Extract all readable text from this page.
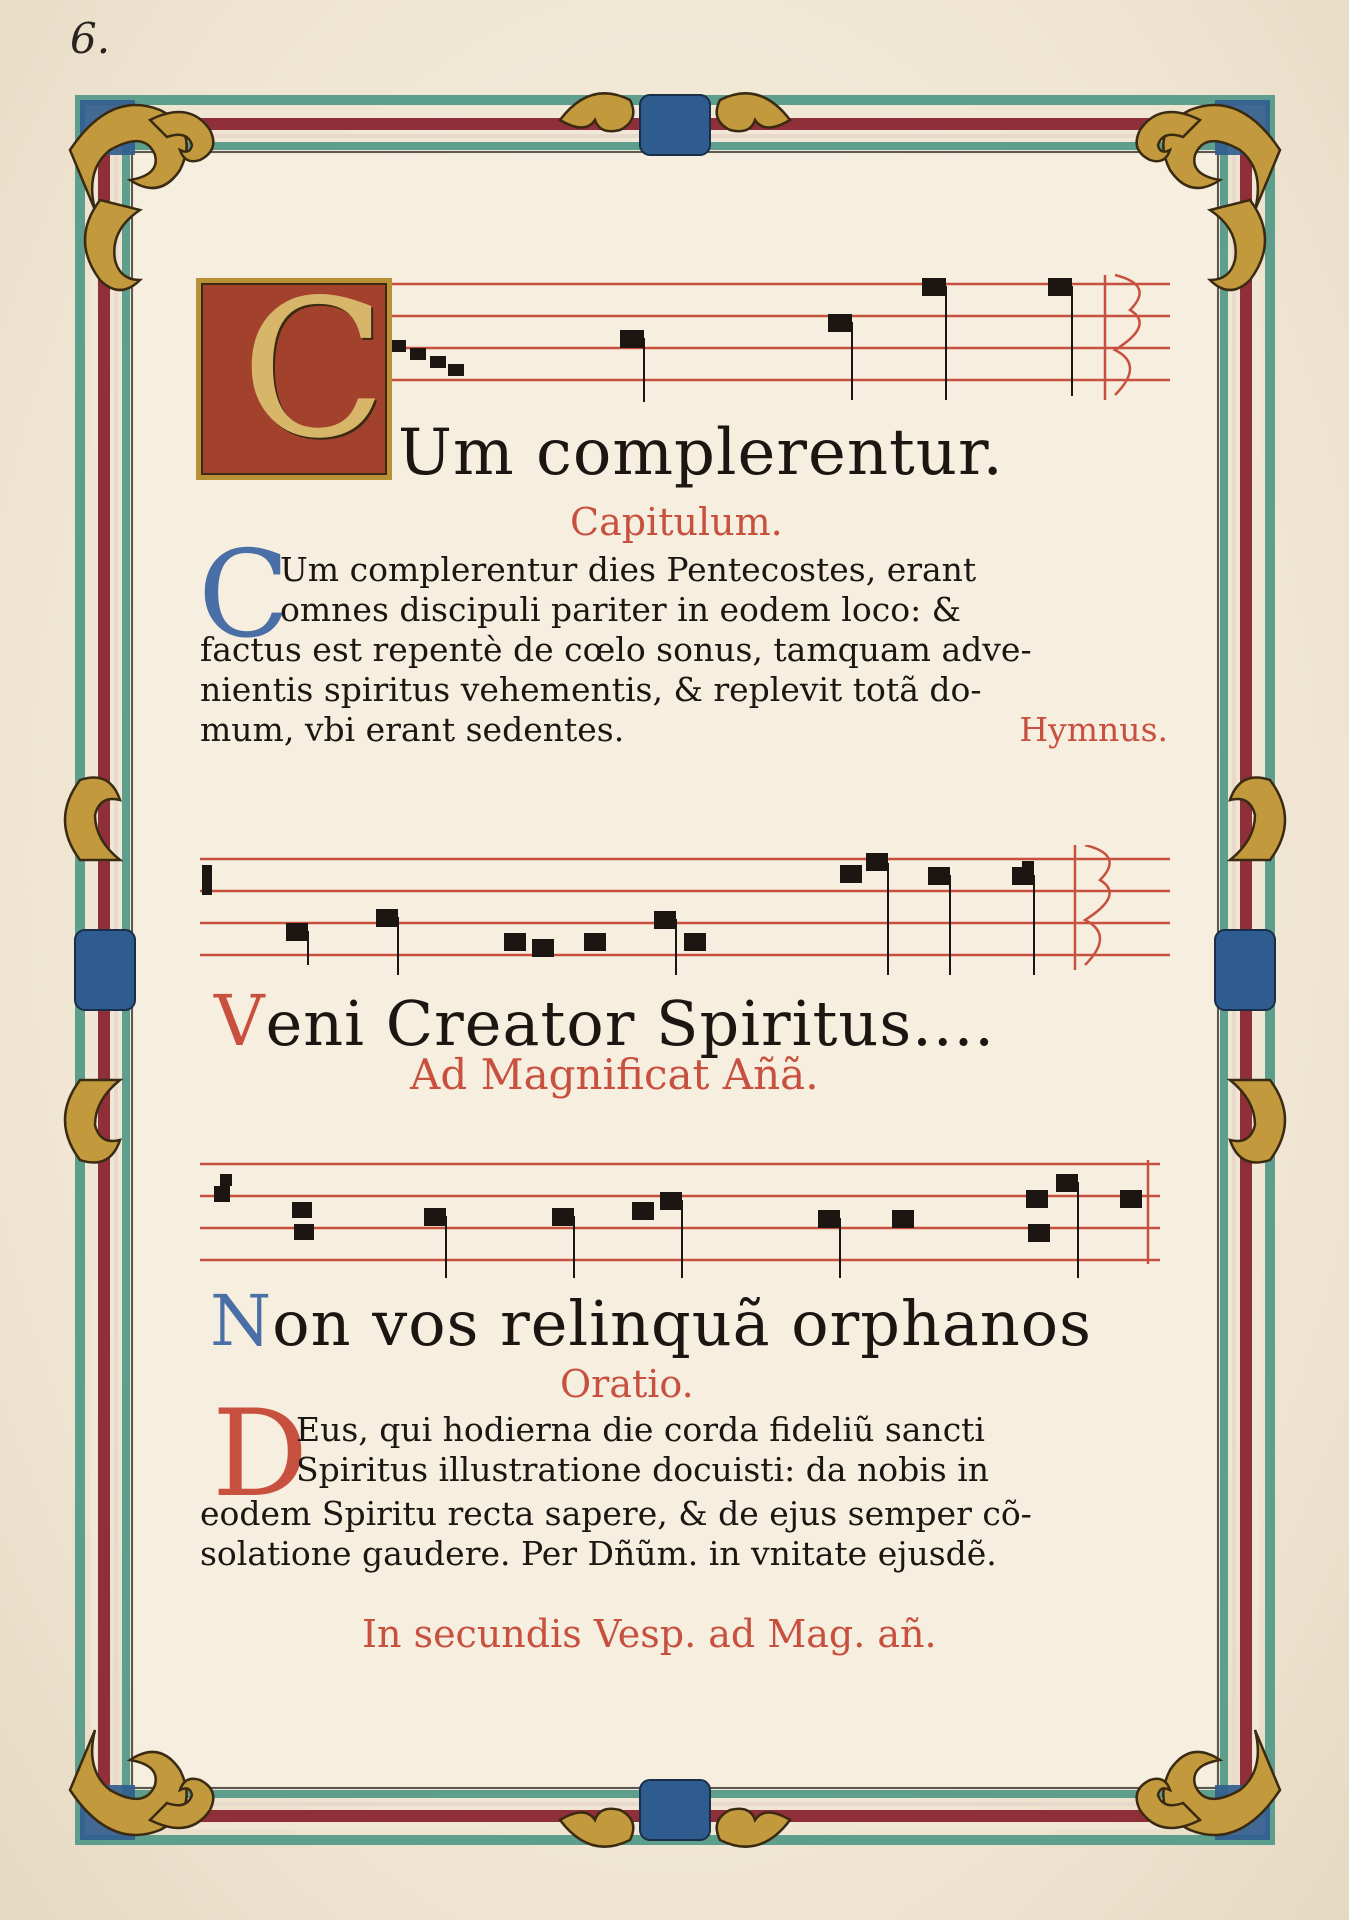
6.
C Um complerentur.
Capitulum.
C
Um complerentur dies Pentecostes, erant
omnes discipuli pariter in eodem loco: &
factus est repentè de cœlo sonus, tamquam adve-
nientis spiritus vehementis, & replevit totã do-
mum, vbi erant sedentes.	Hymnus.
Veni Creator Spiritus....
Ad Magnificat Añã.
Non vos relinquã orphanos
Oratio.
D
Eus, qui hodierna die corda fideliũ sancti
Spiritus illustratione docuisti: da nobis in
eodem Spiritu recta sapere, & de ejus semper cõ-
solatione gaudere. Per Dñũm. in vnitate ejusdẽ.
In secundis Vesp. ad Mag. añ.
